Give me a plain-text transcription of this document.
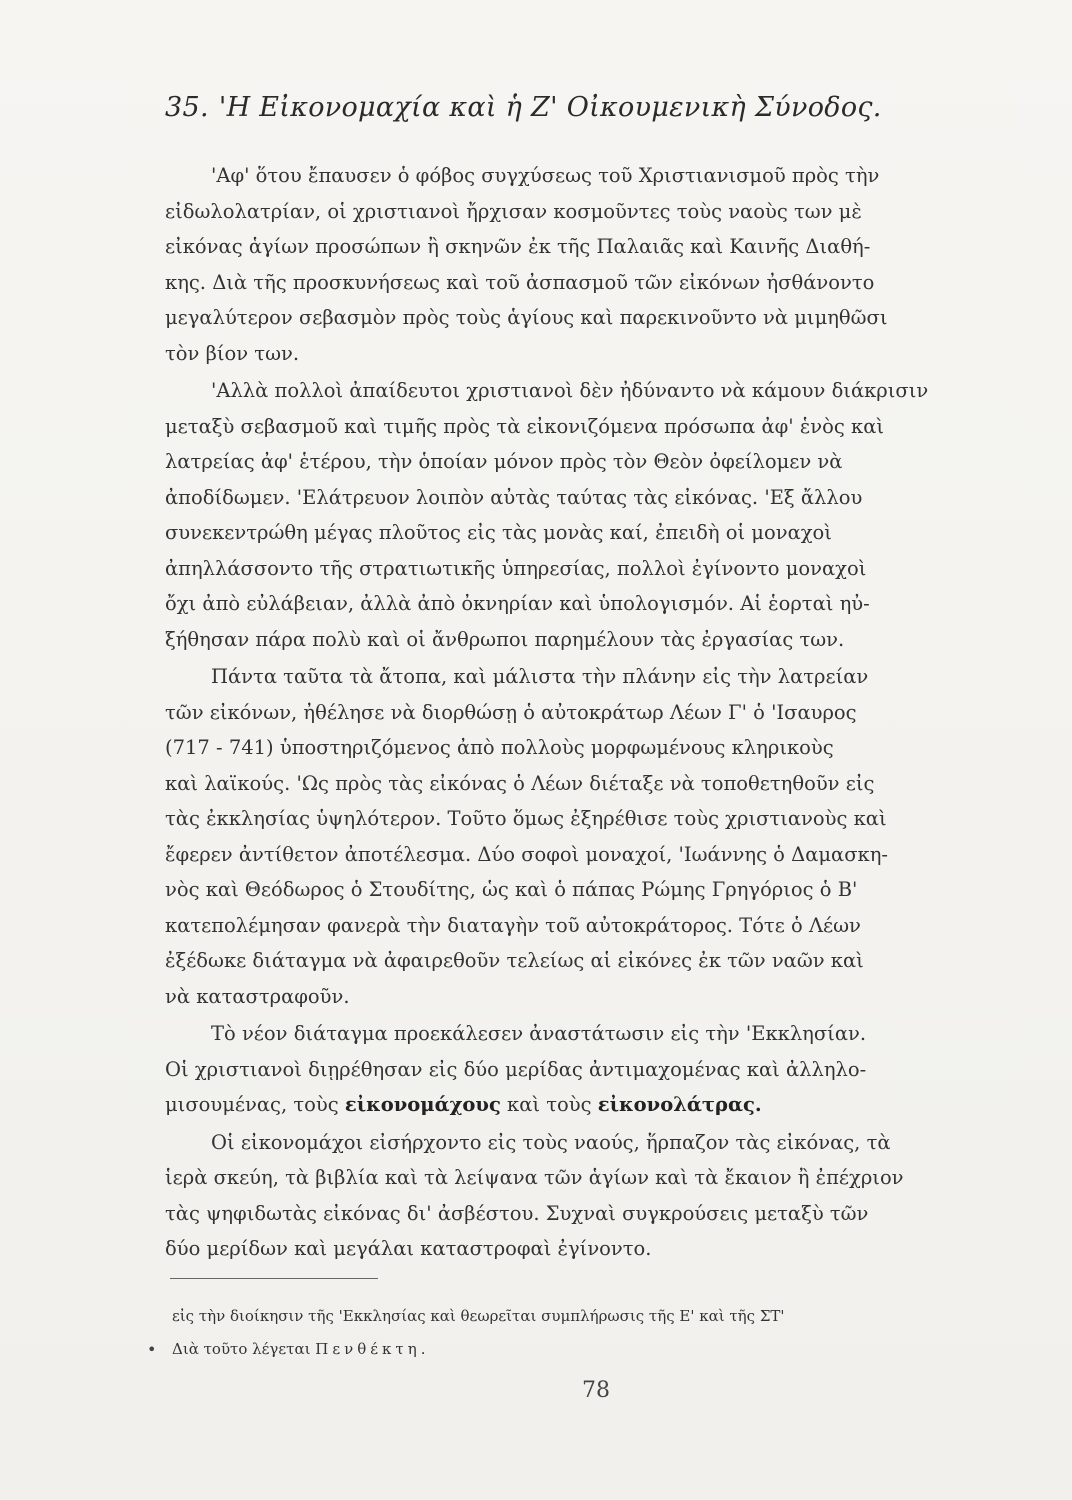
35. 'Η Εἰκονομαχία καὶ ἡ Ζ' Οἰκουμενικὴ Σύνοδος.
'Αφ' ὅτου ἔπαυσεν ὁ φόβος συγχύσεως τοῦ Χριστιανισμοῦ πρὸς τὴν
εἰδωλολατρίαν, οἱ χριστιανοὶ ἤρχισαν κοσμοῦντες τοὺς ναοὺς των μὲ
εἰκόνας ἁγίων προσώπων ἢ σκηνῶν ἐκ τῆς Παλαιᾶς καὶ Καινῆς Διαθή-
κης. Διὰ τῆς προσκυνήσεως καὶ τοῦ ἀσπασμοῦ τῶν εἰκόνων ἠσθάνοντο
μεγαλύτερον σεβασμὸν πρὸς τοὺς ἁγίους καὶ παρεκινοῦντο νὰ μιμηθῶσι
τὸν βίον των.
'Αλλὰ πολλοὶ ἀπαίδευτοι χριστιανοὶ δὲν ἠδύναντο νὰ κάμουν διάκρισιν
μεταξὺ σεβασμοῦ καὶ τιμῆς πρὸς τὰ εἰκονιζόμενα πρόσωπα ἀφ' ἑνὸς καὶ
λατρείας ἀφ' ἑτέρου, τὴν ὁποίαν μόνον πρὸς τὸν Θεὸν ὀφείλομεν νὰ
ἀποδίδωμεν. 'Ελάτρευον λοιπὸν αὐτὰς ταύτας τὰς εἰκόνας. 'Εξ ἄλλου
συνεκεντρώθη μέγας πλοῦτος εἰς τὰς μονὰς καί, ἐπειδὴ οἱ μοναχοὶ
ἀπηλλάσσοντο τῆς στρατιωτικῆς ὑπηρεσίας, πολλοὶ ἐγίνοντο μοναχοὶ
ὄχι ἀπὸ εὐλάβειαν, ἀλλὰ ἀπὸ ὀκνηρίαν καὶ ὑπολογισμόν. Αἱ ἑορταὶ ηὐ-
ξήθησαν πάρα πολὺ καὶ οἱ ἄνθρωποι παρημέλουν τὰς ἐργασίας των.
Πάντα ταῦτα τὰ ἄτοπα, καὶ μάλιστα τὴν πλάνην εἰς τὴν λατρείαν
τῶν εἰκόνων, ἠθέλησε νὰ διορθώσῃ ὁ αὐτοκράτωρ Λέων Γ' ὁ 'Ισαυρος
(717 - 741) ὑποστηριζόμενος ἀπὸ πολλοὺς μορφωμένους κληρικοὺς
καὶ λαϊκούς. 'Ως πρὸς τὰς εἰκόνας ὁ Λέων διέταξε νὰ τοποθετηθοῦν εἰς
τὰς ἐκκλησίας ὑψηλότερον. Τοῦτο ὅμως ἐξηρέθισε τοὺς χριστιανοὺς καὶ
ἔφερεν ἀντίθετον ἀποτέλεσμα. Δύο σοφοὶ μοναχοί, 'Ιωάννης ὁ Δαμασκη-
νὸς καὶ Θεόδωρος ὁ Στουδίτης, ὡς καὶ ὁ πάπας Ρώμης Γρηγόριος ὁ Β'
κατεπολέμησαν φανερὰ τὴν διαταγὴν τοῦ αὐτοκράτορος. Τότε ὁ Λέων
ἐξέδωκε διάταγμα νὰ ἀφαιρεθοῦν τελείως αἱ εἰκόνες ἐκ τῶν ναῶν καὶ
νὰ καταστραφοῦν.
Τὸ νέον διάταγμα προεκάλεσεν ἀναστάτωσιν εἰς τὴν 'Εκκλησίαν.
Οἱ χριστιανοὶ διῃρέθησαν εἰς δύο μερίδας ἀντιμαχομένας καὶ ἀλληλο-
μισουμένας, τοὺς εἰκονομάχους καὶ τοὺς εἰκονολάτρας.
Οἱ εἰκονομάχοι εἰσήρχοντο εἰς τοὺς ναούς, ἥρπαζον τὰς εἰκόνας, τὰ
ἱερὰ σκεύη, τὰ βιβλία καὶ τὰ λείψανα τῶν ἁγίων καὶ τὰ ἔκαιον ἢ ἐπέχριον
τὰς ψηφιδωτὰς εἰκόνας δι' ἀσβέστου. Συχναὶ συγκρούσεις μεταξὺ τῶν
δύο μερίδων καὶ μεγάλαι καταστροφαὶ ἐγίνοντο.
εἰς τὴν διοίκησιν τῆς 'Εκκλησίας καὶ θεωρεῖται συμπλήρωσις τῆς Ε' καὶ τῆς ΣΤ'
Διὰ τοῦτο λέγεται Πενθέκτη.
•
78
